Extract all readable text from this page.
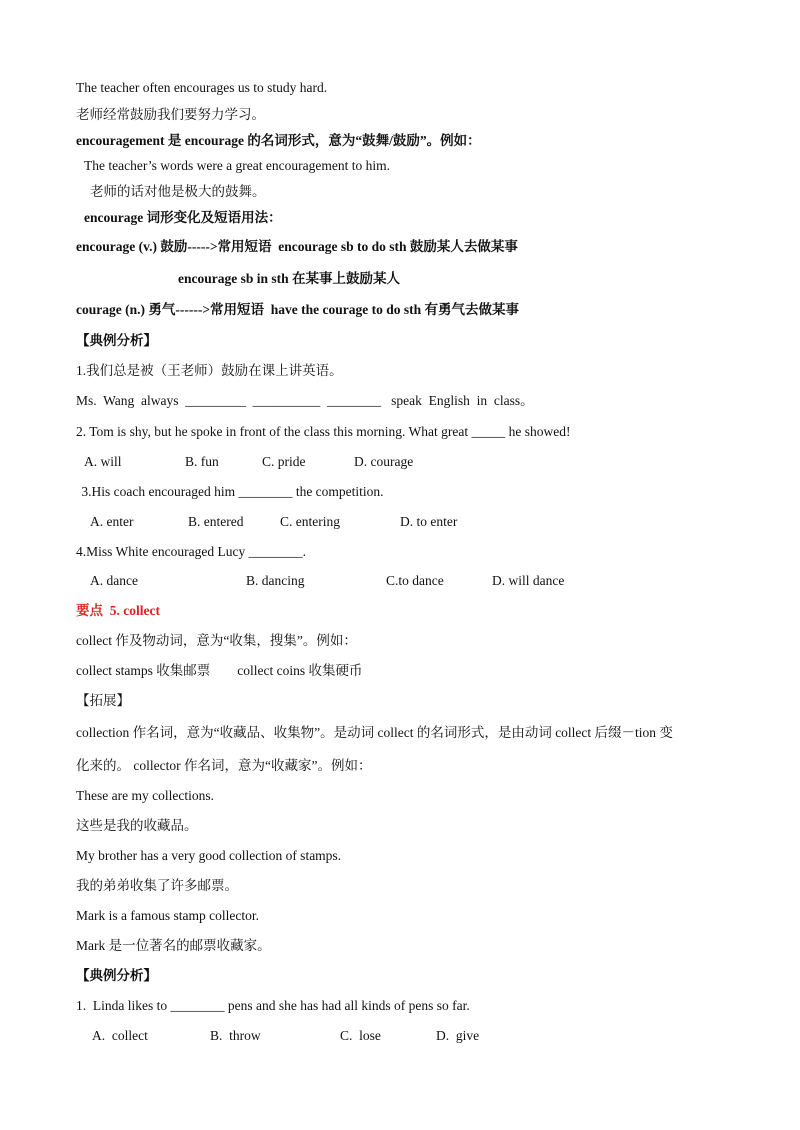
The teacher often encourages us to study hard.
老师经常鼓励我们要努力学习。
encouragement 是 encourage 的名词形式，意为“鼓舞/鼓励”。例如：
The teacher’s words were a great encouragement to him.
老师的话对他是极大的鼓舞。
encourage 词形变化及短语用法：
encourage (v.) 鼓励----->常用短语  encourage sb to do sth 鼓励某人去做某事
encourage sb in sth 在某事上鼓励某人
courage (n.) 勇气------>常用短语  have the courage to do sth 有勇气去做某事
【典例分析】
1.我们总是被（王老师）鼓励在课上讲英语。
Ms.  Wang  always  _________  __________  ________   speak  English  in  class。
2. Tom is shy, but he spoke in front of the class this morning. What great _____ he showed!
A. will	B. fun	C. pride	D. courage
3.His coach encouraged him ________ the competition.
A. enter	B. entered	C. entering	D. to enter
4.Miss White encouraged Lucy ________.
A. dance	B. dancing	C.to dance	D. will dance
要点  5. collect
collect 作及物动词，意为“收集，搜集”。例如：
collect stamps 收集邮票        collect coins 收集硬币
【拓展】
collection 作名词，意为“收藏品、收集物”。是动词 collect 的名词形式，是由动词 collect 后缀－tion 变
化来的。 collector 作名词，意为“收藏家”。例如：
These are my collections.
这些是我的收藏品。
My brother has a very good collection of stamps.
我的弟弟收集了许多邮票。
Mark is a famous stamp collector.
Mark 是一位著名的邮票收藏家。
【典例分析】
1.  Linda likes to ________ pens and she has had all kinds of pens so far.
A.  collect	B.  throw	C.  lose	D.  give
